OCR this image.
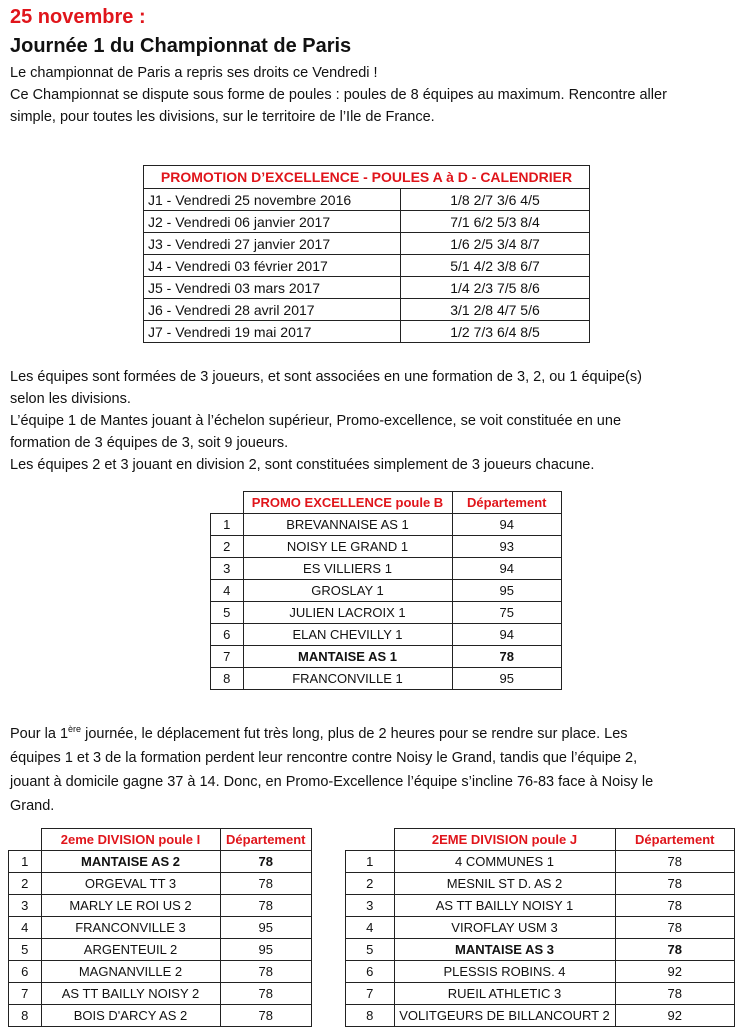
25 novembre :
Journée 1 du Championnat de Paris
Le championnat de Paris a repris ses droits ce Vendredi !
Ce Championnat se dispute sous forme de poules : poules de 8 équipes au maximum. Rencontre aller
simple, pour toutes les divisions, sur le territoire de l’Ile de France.
PROMOTION D’EXCELLENCE - POULES A à D - CALENDRIER	
J1 - Vendredi 25 novembre 2016	1/8 2/7 3/6 4/5
J2 - Vendredi 06 janvier 2017	7/1 6/2 5/3 8/4
J3 - Vendredi 27 janvier 2017	1/6 2/5 3/4 8/7
J4 - Vendredi 03 février 2017	5/1 4/2 3/8 6/7
J5 - Vendredi 03 mars 2017	1/4 2/3 7/5 8/6
J6 - Vendredi 28 avril 2017	3/1 2/8 4/7 5/6
J7 - Vendredi 19 mai 2017	1/2 7/3 6/4 8/5
Les équipes sont formées de 3 joueurs, et sont associées en une formation de 3, 2, ou 1 équipe(s)
selon les divisions.
L’équipe 1 de Mantes jouant à l’échelon supérieur, Promo-excellence, se voit constituée en une
formation de 3 équipes de 3, soit 9 joueurs.
Les équipes 2 et 3 jouant en division 2, sont constituées simplement de 3 joueurs chacune.
	PROMO EXCELLENCE poule B	Département
1	BREVANNAISE AS 1	94
2	NOISY LE GRAND 1	93
3	ES VILLIERS 1	94
4	GROSLAY 1	95
5	JULIEN LACROIX 1	75
6	ELAN CHEVILLY 1	94
7	MANTAISE AS 1	78
8	FRANCONVILLE 1	95
Pour la 1ère journée, le déplacement fut très long, plus de 2 heures pour se rendre sur place. Les
équipes 1 et 3 de la formation perdent leur rencontre contre Noisy le Grand, tandis que l’équipe 2,
jouant à domicile gagne 37 à 14. Donc, en Promo-Excellence l’équipe s’incline 76-83 face à Noisy le
Grand.
	2eme DIVISION poule I	Département
1	MANTAISE AS 2	78
2	ORGEVAL TT 3	78
3	MARLY LE ROI US 2	78
4	FRANCONVILLE 3	95
5	ARGENTEUIL 2	95
6	MAGNANVILLE 2	78
7	AS TT BAILLY NOISY 2	78
8	BOIS D'ARCY AS 2	78
	2EME DIVISION poule J	Département
1	4 COMMUNES 1	78
2	MESNIL ST D. AS 2	78
3	AS TT BAILLY NOISY 1	78
4	VIROFLAY USM 3	78
5	MANTAISE AS 3	78
6	PLESSIS ROBINS. 4	92
7	RUEIL ATHLETIC 3	78
8	VOLITGEURS DE BILLANCOURT 2	92
